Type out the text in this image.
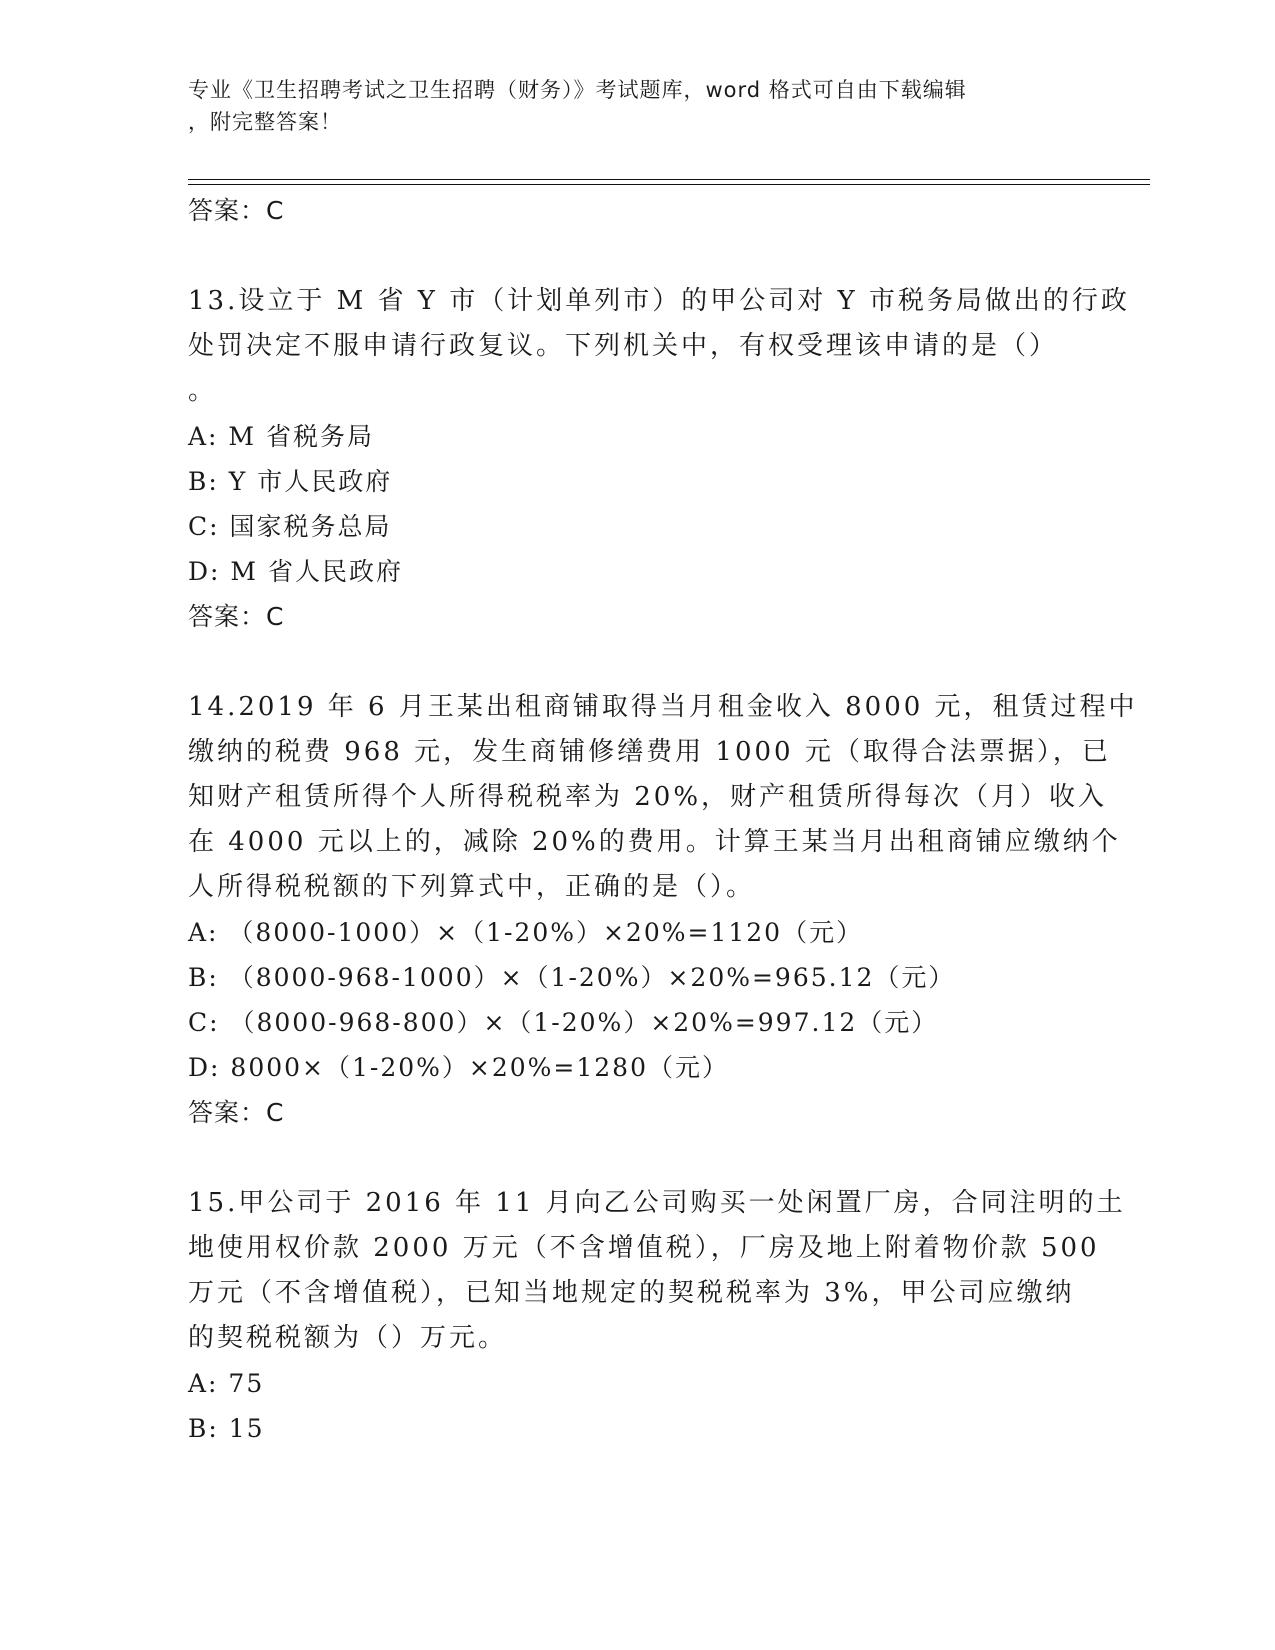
专业《卫生招聘考试之卫生招聘（财务）》考试题库，word 格式可自由下载编辑

，附完整答案！

答案：C

13.设立于 M 省 Y 市（计划单列市）的甲公司对 Y 市税务局做出的行政

处罚决定不服申请行政复议。下列机关中，有权受理该申请的是（）

。

A: M 省税务局

B: Y 市人民政府

C: 国家税务总局

D: M 省人民政府

答案：C

14.2019 年 6 月王某出租商铺取得当月租金收入 8000 元，租赁过程中

缴纳的税费 968 元，发生商铺修缮费用 1000 元（取得合法票据），已

知财产租赁所得个人所得税税率为 20%，财产租赁所得每次（月）收入

在 4000 元以上的，减除 20%的费用。计算王某当月出租商铺应缴纳个

人所得税税额的下列算式中，正确的是（）。

A: （8000-1000）×（1-20%）×20%=1120（元）

B: （8000-968-1000）×（1-20%）×20%=965.12（元）

C: （8000-968-800）×（1-20%）×20%=997.12（元）

D: 8000×（1-20%）×20%=1280（元）

答案：C

15.甲公司于 2016 年 11 月向乙公司购买一处闲置厂房，合同注明的土

地使用权价款 2000 万元（不含增值税），厂房及地上附着物价款 500

万元（不含增值税），已知当地规定的契税税率为 3%，甲公司应缴纳

的契税税额为（）万元。

A: 75

B: 15
